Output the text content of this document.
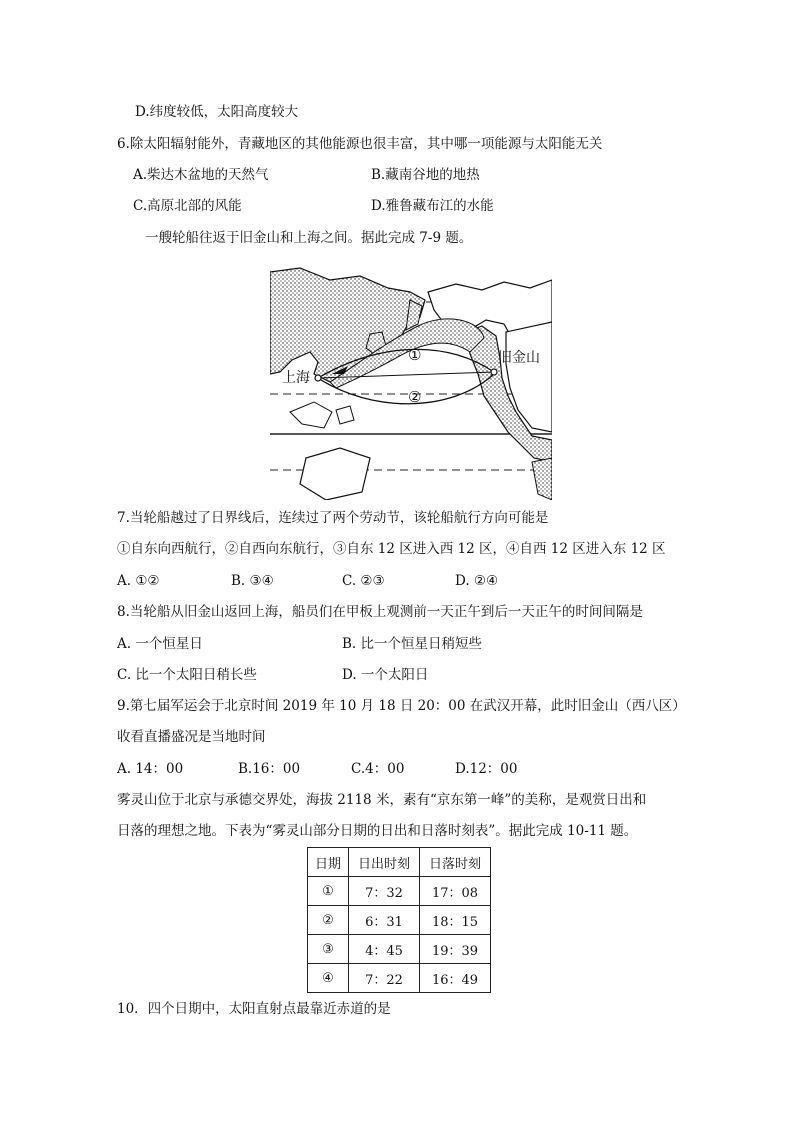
D.纬度较低，太阳高度较大
6.除太阳辐射能外，青藏地区的其他能源也很丰富，其中哪一项能源与太阳能无关
A.柴达木盆地的天然气	B.藏南谷地的地热
C.高原北部的风能	D.雅鲁藏布江的水能
一艘轮船往返于旧金山和上海之间。据此完成 7-9 题。
上海
旧金山
①
②
7.当轮船越过了日界线后，连续过了两个劳动节，该轮船航行方向可能是
①自东向西航行，②自西向东航行，③自东 12 区进入西 12 区，④自西 12 区进入东 12 区
A. ①②	B. ③④	C. ②③	D. ②④
8.当轮船从旧金山返回上海，船员们在甲板上观测前一天正午到后一天正午的时间间隔是
A. 一个恒星日	B. 比一个恒星日稍短些
C. 比一个太阳日稍长些	D. 一个太阳日
9.第七届军运会于北京时间 2019 年 10 月 18 日 20：00 在武汉开幕，此时旧金山（西八区）
收看直播盛况是当地时间
A. 14：00	B.16：00	C.4：00	D.12：00
雾灵山位于北京与承德交界处，海拔 2118 米，素有“京东第一峰”的美称，是观赏日出和
日落的理想之地。下表为“雾灵山部分日期的日出和日落时刻表”。据此完成 10-11 题。
日期	日出时刻	日落时刻
①	7：32	17：08
②	6：31	18：15
③	4：45	19：39
④	7：22	16：49
10．四个日期中，太阳直射点最靠近赤道的是
